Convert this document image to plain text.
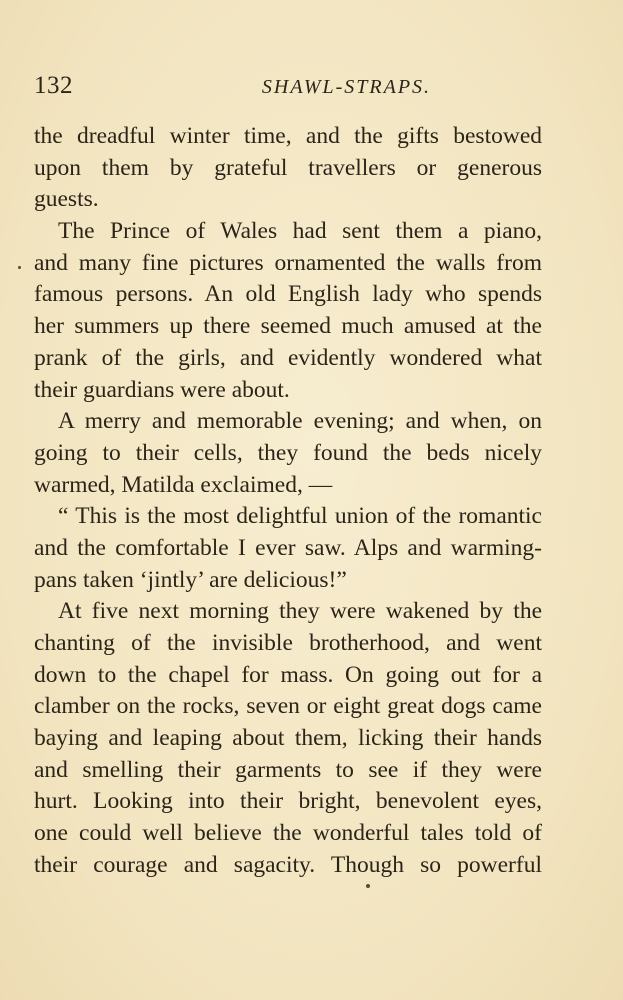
132	SHAWL-STRAPS.
the dreadful winter time, and the gifts bestowed
upon them by grateful travellers or generous
guests.
The Prince of Wales had sent them a piano,
and many fine pictures ornamented the walls from
famous persons. An old English lady who spends
her summers up there seemed much amused at the
prank of the girls, and evidently wondered what
their guardians were about.
A merry and memorable evening; and when, on
going to their cells, they found the beds nicely
warmed, Matilda exclaimed, —
“ This is the most delightful union of the romantic
and the comfortable I ever saw. Alps and warming-
pans taken ‘jintly’ are delicious!”
At five next morning they were wakened by the
chanting of the invisible brotherhood, and went
down to the chapel for mass. On going out for a
clamber on the rocks, seven or eight great dogs came
baying and leaping about them, licking their hands
and smelling their garments to see if they were
hurt. Looking into their bright, benevolent eyes,
one could well believe the wonderful tales told of
their courage and sagacity. Though so powerful
